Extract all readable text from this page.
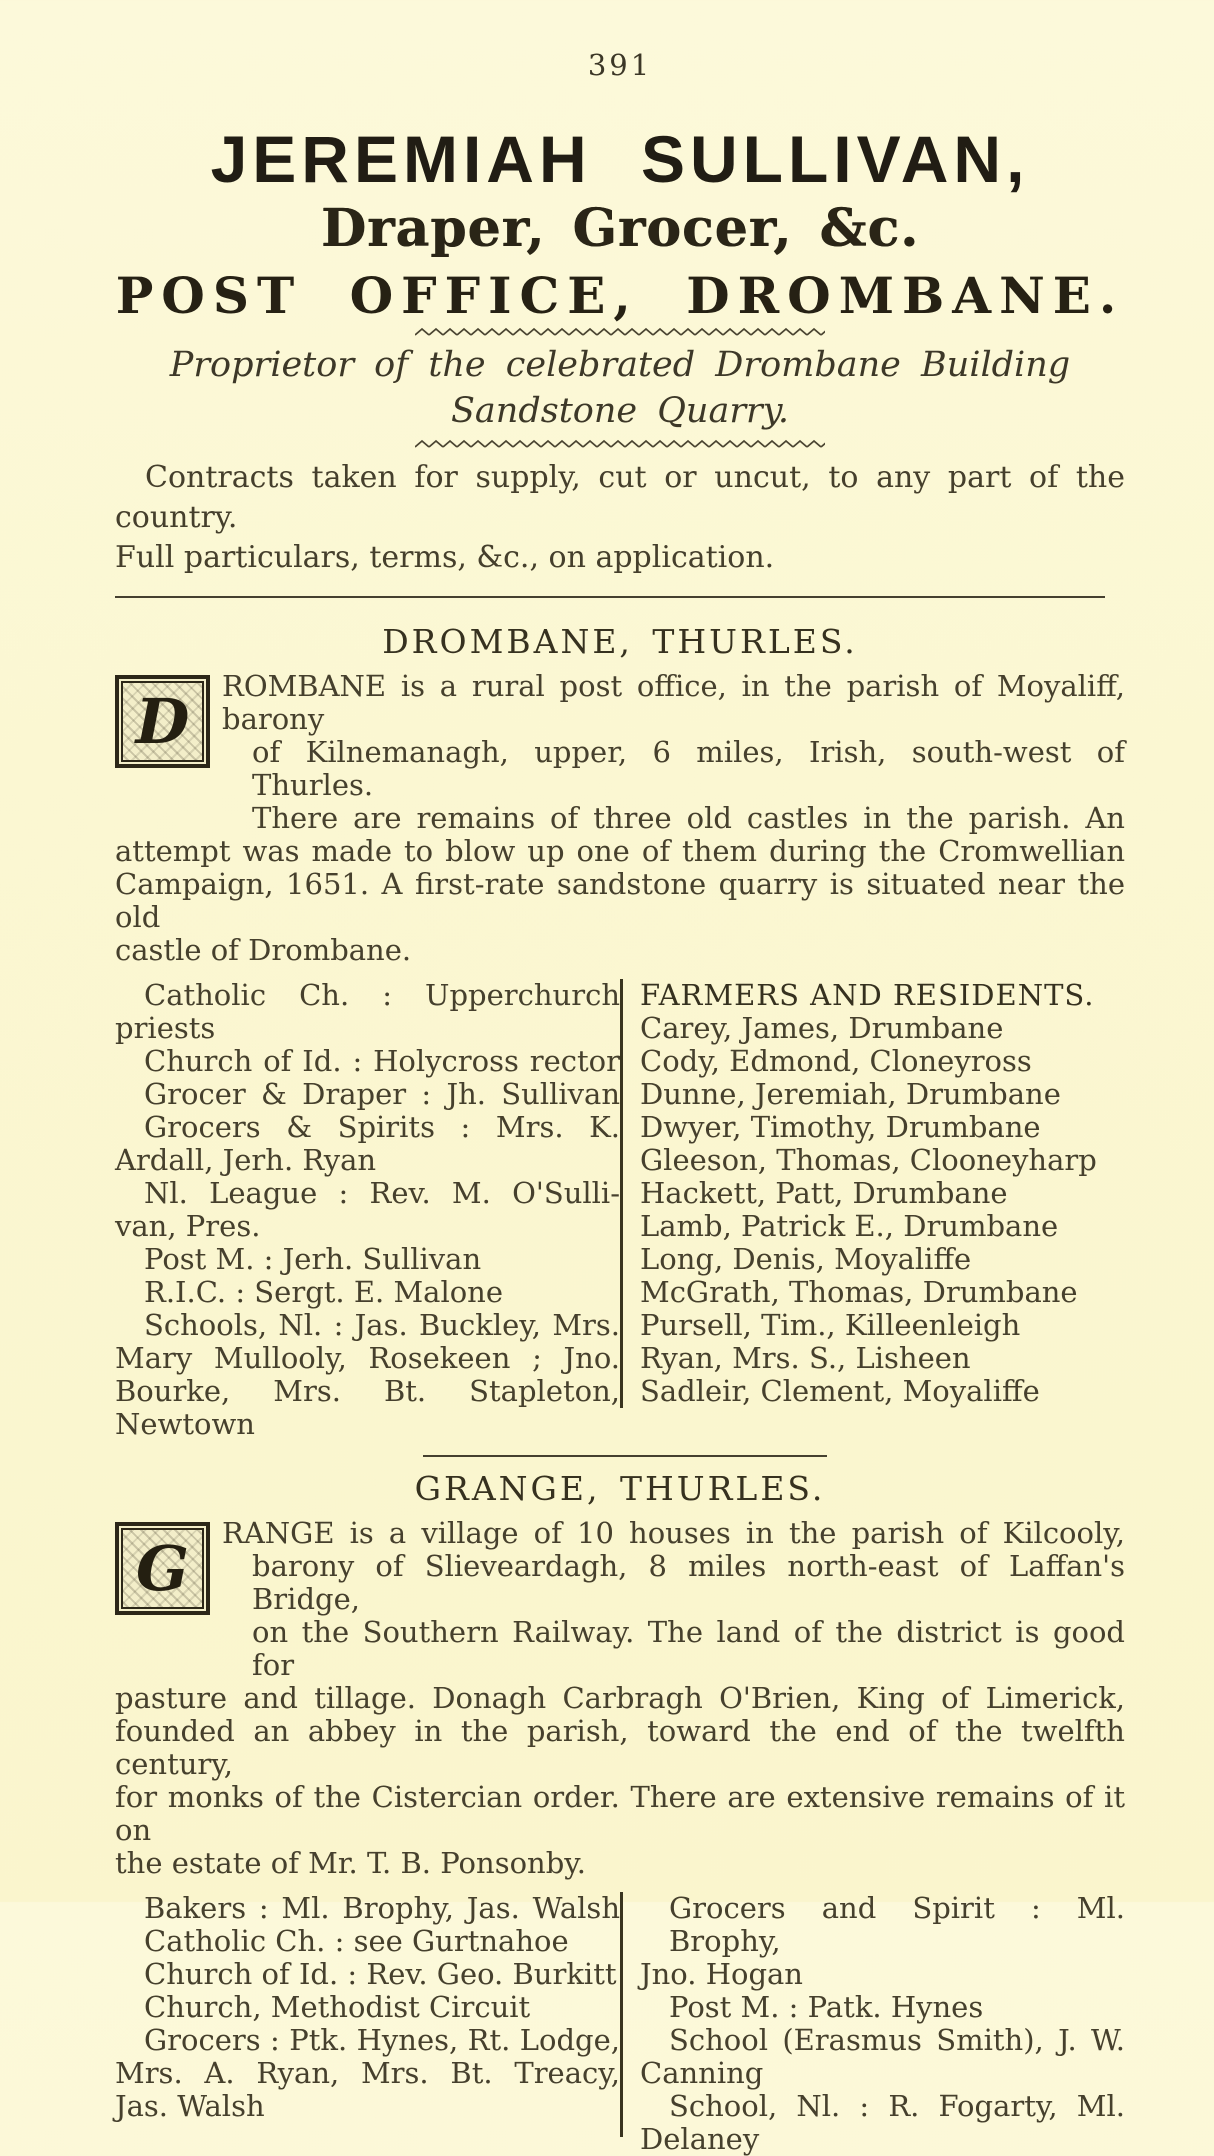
391
JEREMIAH SULLIVAN,
Draper, Grocer, &c.
POST OFFICE, DROMBANE.
Proprietor of the celebrated Drombane Building
Sandstone Quarry.
Contracts taken for supply, cut or uncut, to any part of the country.
Full particulars, terms, &c., on application.
DROMBANE, THURLES.
D	ROMBANE is a rural post office, in the parish of Moyaliff, barony
of Kilnemanagh, upper, 6 miles, Irish, south-west of Thurles.
There are remains of three old castles in the parish. An
attempt was made to blow up one of them during the Cromwellian
Campaign, 1651. A first-rate sandstone quarry is situated near the old
castle of Drombane.
Catholic Ch. : Upperchurch
priests
Church of Id. : Holycross rector
Grocer & Draper : Jh. Sullivan
Grocers & Spirits : Mrs. K.
Ardall, Jerh. Ryan
Nl. League : Rev. M. O'Sulli-
van, Pres.
Post M. : Jerh. Sullivan
R.I.C. : Sergt. E. Malone
Schools, Nl. : Jas. Buckley, Mrs.
Mary Mullooly, Rosekeen ; Jno.
Bourke, Mrs. Bt. Stapleton,
Newtown
FARMERS AND RESIDENTS.
Carey, James, Drumbane
Cody, Edmond, Cloneyross
Dunne, Jeremiah, Drumbane
Dwyer, Timothy, Drumbane
Gleeson, Thomas, Clooneyharp
Hackett, Patt, Drumbane
Lamb, Patrick E., Drumbane
Long, Denis, Moyaliffe
McGrath, Thomas, Drumbane
Pursell, Tim., Killeenleigh
Ryan, Mrs. S., Lisheen
Sadleir, Clement, Moyaliffe
GRANGE, THURLES.
G	RANGE is a village of 10 houses in the parish of Kilcooly,
barony of Slieveardagh, 8 miles north-east of Laffan's Bridge,
on the Southern Railway. The land of the district is good for
pasture and tillage. Donagh Carbragh O'Brien, King of Limerick,
founded an abbey in the parish, toward the end of the twelfth century,
for monks of the Cistercian order. There are extensive remains of it on
the estate of Mr. T. B. Ponsonby.
Bakers : Ml. Brophy, Jas. Walsh
Catholic Ch. : see Gurtnahoe
Church of Id. : Rev. Geo. Burkitt
Church, Methodist Circuit
Grocers : Ptk. Hynes, Rt. Lodge,
Mrs. A. Ryan, Mrs. Bt. Treacy,
Jas. Walsh
Grocers and Spirit : Ml. Brophy,
Jno. Hogan
Post M. : Patk. Hynes
School (Erasmus Smith), J. W.
Canning
School, Nl. : R. Fogarty, Ml.
Delaney
